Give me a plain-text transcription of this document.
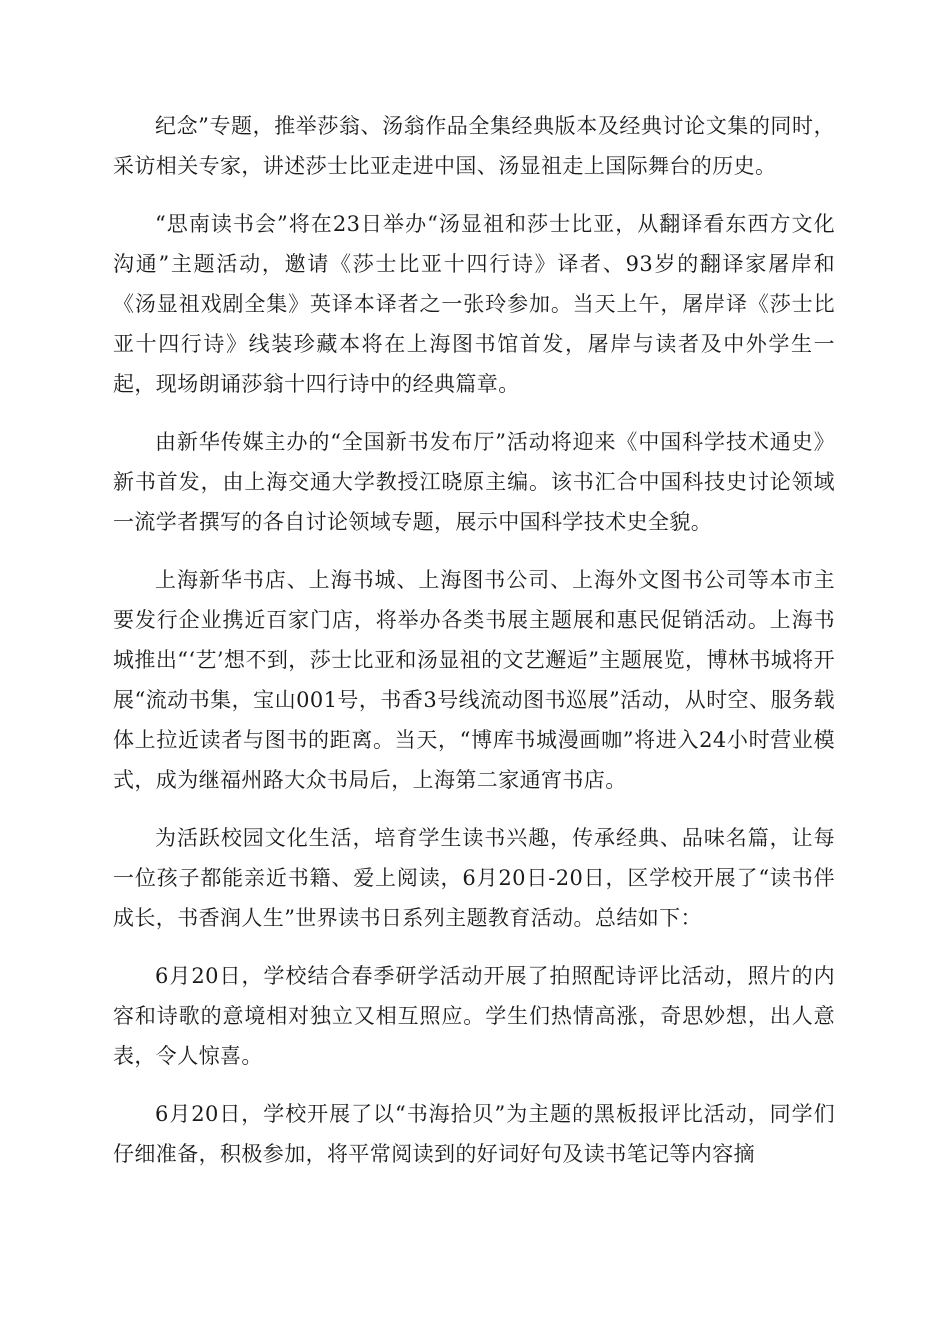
纪念”专题，推举莎翁、汤翁作品全集经典版本及经典讨论文集的同时，采访相关专家，讲述莎士比亚走进中国、汤显祖走上国际舞台的历史。

“思南读书会”将在23日举办“汤显祖和莎士比亚，从翻译看东西方文化沟通”主题活动，邀请《莎士比亚十四行诗》译者、93岁的翻译家屠岸和《汤显祖戏剧全集》英译本译者之一张玲参加。当天上午，屠岸译《莎士比亚十四行诗》线装珍藏本将在上海图书馆首发，屠岸与读者及中外学生一起，现场朗诵莎翁十四行诗中的经典篇章。

由新华传媒主办的“全国新书发布厅”活动将迎来《中国科学技术通史》新书首发，由上海交通大学教授江晓原主编。该书汇合中国科技史讨论领域一流学者撰写的各自讨论领域专题，展示中国科学技术史全貌。

上海新华书店、上海书城、上海图书公司、上海外文图书公司等本市主要发行企业携近百家门店，将举办各类书展主题展和惠民促销活动。上海书城推出“‘艺’想不到，莎士比亚和汤显祖的文艺邂逅”主题展览，博林书城将开展“流动书集，宝山001号，书香3号线流动图书巡展”活动，从时空、服务载体上拉近读者与图书的距离。当天，“博库书城漫画咖”将进入24小时营业模式，成为继福州路大众书局后，上海第二家通宵书店。

为活跃校园文化生活，培育学生读书兴趣，传承经典、品味名篇，让每一位孩子都能亲近书籍、爱上阅读，6月20日-20日，区学校开展了“读书伴成长，书香润人生”世界读书日系列主题教育活动。总结如下：

6月20日，学校结合春季研学活动开展了拍照配诗评比活动，照片的内容和诗歌的意境相对独立又相互照应。学生们热情高涨，奇思妙想，出人意表，令人惊喜。

6月20日，学校开展了以“书海拾贝”为主题的黑板报评比活动，同学们仔细准备，积极参加，将平常阅读到的好词好句及读书笔记等内容摘
